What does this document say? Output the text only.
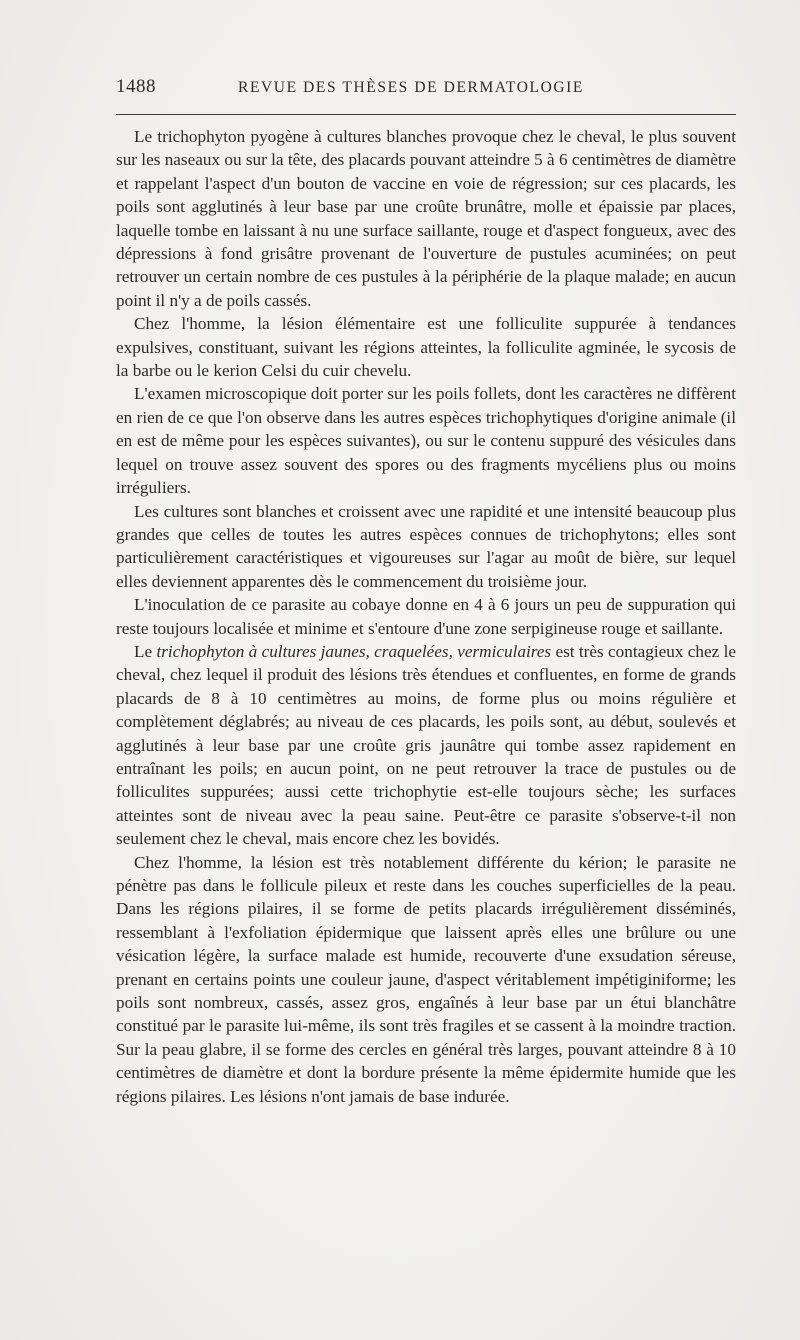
1488	REVUE DES THÈSES DE DERMATOLOGIE

Le trichophyton pyogène à cultures blanches provoque chez le cheval, le plus souvent sur les naseaux ou sur la tête, des placards pouvant atteindre 5 à 6 centimètres de diamètre et rappelant l'aspect d'un bouton de vaccine en voie de régression; sur ces placards, les poils sont agglutinés à leur base par une croûte brunâtre, molle et épaissie par places, laquelle tombe en laissant à nu une surface saillante, rouge et d'aspect fongueux, avec des dépressions à fond grisâtre provenant de l'ouverture de pustules acuminées; on peut retrouver un certain nombre de ces pustules à la périphérie de la plaque malade; en aucun point il n'y a de poils cassés.

Chez l'homme, la lésion élémentaire est une folliculite suppurée à tendances expulsives, constituant, suivant les régions atteintes, la folliculite agminée, le sycosis de la barbe ou le kerion Celsi du cuir chevelu.

L'examen microscopique doit porter sur les poils follets, dont les caractères ne diffèrent en rien de ce que l'on observe dans les autres espèces trichophytiques d'origine animale (il en est de même pour les espèces suivantes), ou sur le contenu suppuré des vésicules dans lequel on trouve assez souvent des spores ou des fragments mycéliens plus ou moins irréguliers.

Les cultures sont blanches et croissent avec une rapidité et une intensité beaucoup plus grandes que celles de toutes les autres espèces connues de trichophytons; elles sont particulièrement caractéristiques et vigoureuses sur l'agar au moût de bière, sur lequel elles deviennent apparentes dès le commencement du troisième jour.

L'inoculation de ce parasite au cobaye donne en 4 à 6 jours un peu de suppuration qui reste toujours localisée et minime et s'entoure d'une zone serpigineuse rouge et saillante.

Le trichophyton à cultures jaunes, craquelées, vermiculaires est très contagieux chez le cheval, chez lequel il produit des lésions très étendues et confluentes, en forme de grands placards de 8 à 10 centimètres au moins, de forme plus ou moins régulière et complètement déglabrés; au niveau de ces placards, les poils sont, au début, soulevés et agglutinés à leur base par une croûte gris jaunâtre qui tombe assez rapidement en entraînant les poils; en aucun point, on ne peut retrouver la trace de pustules ou de folliculites suppurées; aussi cette trichophytie est-elle toujours sèche; les surfaces atteintes sont de niveau avec la peau saine. Peut-être ce parasite s'observe-t-il non seulement chez le cheval, mais encore chez les bovidés.

Chez l'homme, la lésion est très notablement différente du kérion; le parasite ne pénètre pas dans le follicule pileux et reste dans les couches superficielles de la peau. Dans les régions pilaires, il se forme de petits placards irrégulièrement disséminés, ressemblant à l'exfoliation épidermique que laissent après elles une brûlure ou une vésication légère, la surface malade est humide, recouverte d'une exsudation séreuse, prenant en certains points une couleur jaune, d'aspect véritablement impétiginiforme; les poils sont nombreux, cassés, assez gros, engaînés à leur base par un étui blanchâtre constitué par le parasite lui-même, ils sont très fragiles et se cassent à la moindre traction. Sur la peau glabre, il se forme des cercles en général très larges, pouvant atteindre 8 à 10 centimètres de diamètre et dont la bordure présente la même épidermite humide que les régions pilaires. Les lésions n'ont jamais de base indurée.
